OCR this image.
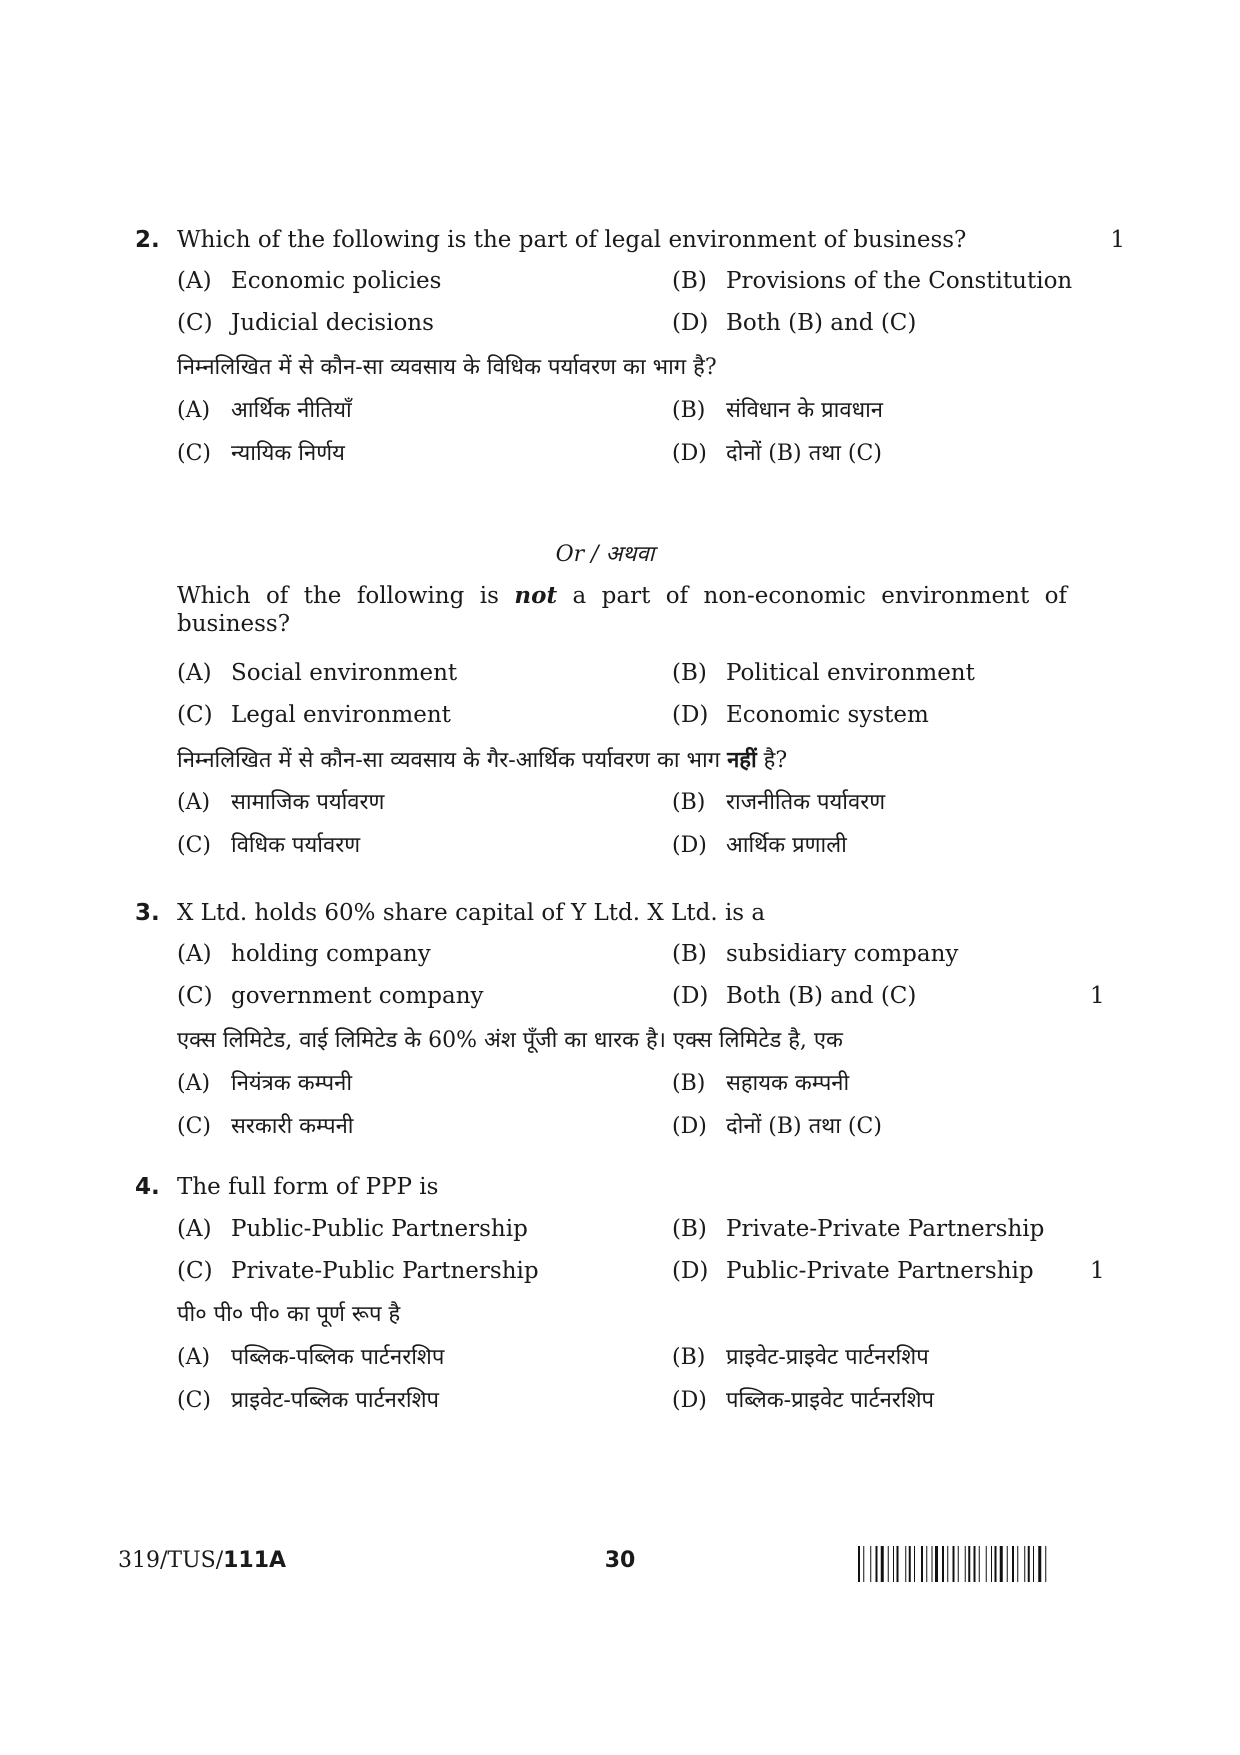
2. Which of the following is the part of legal environment of business?	1
(A) Economic policies	(B) Provisions of the Constitution
(C) Judicial decisions	(D) Both (B) and (C)
निम्नलिखित में से कौन-सा व्यवसाय के विधिक पर्यावरण का भाग है?
(A) आर्थिक नीतियाँ	(B) संविधान के प्रावधान
(C) न्यायिक निर्णय	(D) दोनों (B) तथा (C)
Or / अथवा
Which of the following is not a part of non-economic environment of business?
(A) Social environment	(B) Political environment
(C) Legal environment	(D) Economic system
निम्नलिखित में से कौन-सा व्यवसाय के गैर-आर्थिक पर्यावरण का भाग नहीं है?
(A) सामाजिक पर्यावरण	(B) राजनीतिक पर्यावरण
(C) विधिक पर्यावरण	(D) आर्थिक प्रणाली
3. X Ltd. holds 60% share capital of Y Ltd. X Ltd. is a
(A) holding company	(B) subsidiary company
(C) government company	(D) Both (B) and (C)	1
एक्स लिमिटेड, वाई लिमिटेड के 60% अंश पूँजी का धारक है। एक्स लिमिटेड है, एक
(A) नियंत्रक कम्पनी	(B) सहायक कम्पनी
(C) सरकारी कम्पनी	(D) दोनों (B) तथा (C)
4. The full form of PPP is
(A) Public-Public Partnership	(B) Private-Private Partnership
(C) Private-Public Partnership	(D) Public-Private Partnership 1
पी० पी० पी० का पूर्ण रूप है
(A) पब्लिक-पब्लिक पार्टनरशिप	(B) प्राइवेट-प्राइवेट पार्टनरशिप
(C) प्राइवेट-पब्लिक पार्टनरशिप	(D) पब्लिक-प्राइवेट पार्टनरशिप
319/TUS/111A	30
